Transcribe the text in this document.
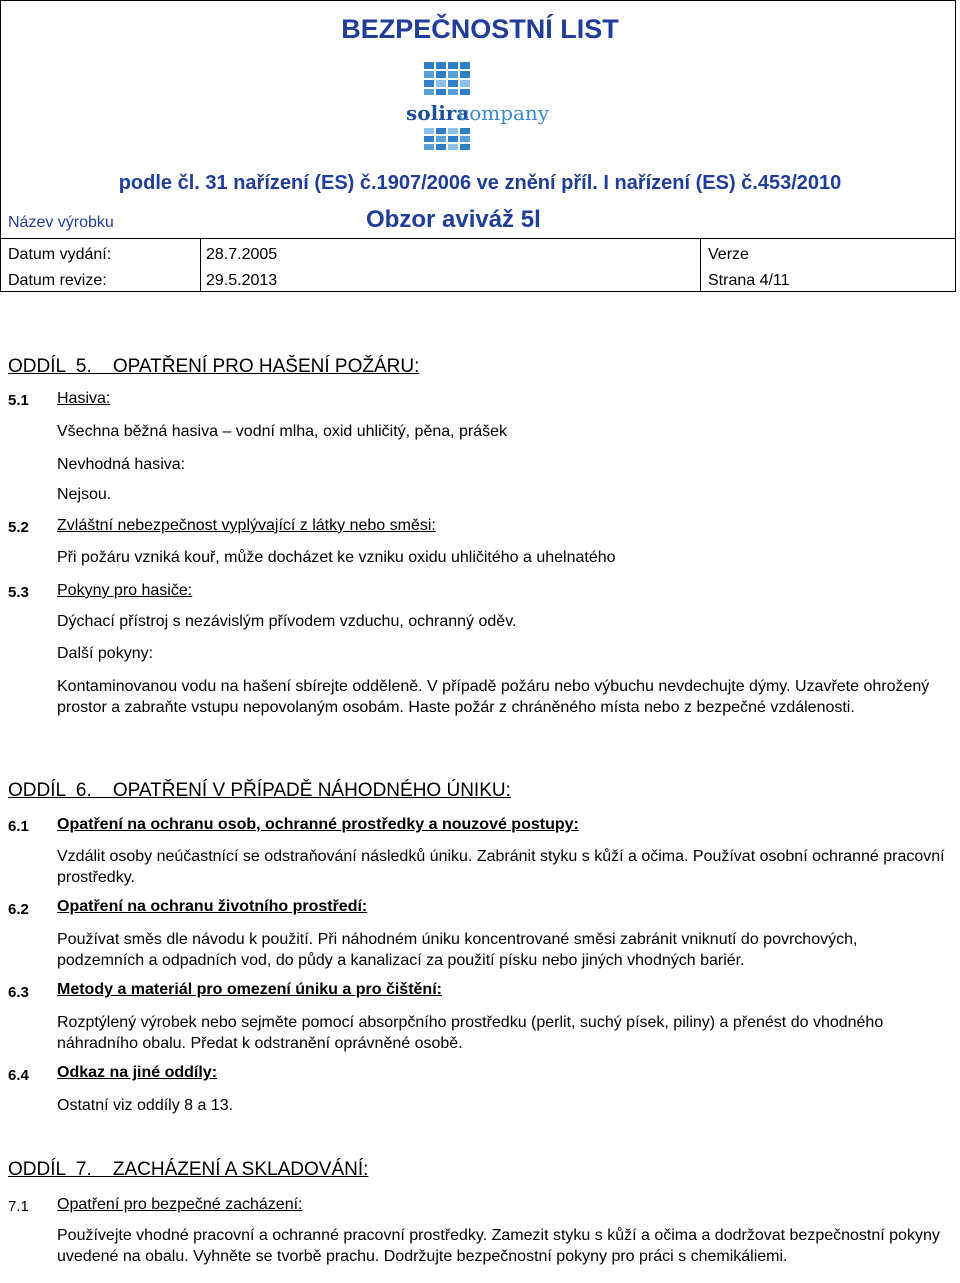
BEZPEČNOSTNÍ LIST
solira
company
podle čl. 31 nařízení (ES) č.1907/2006 ve znění příl. I nařízení (ES) č.453/2010
Název výrobku	Obzor aviváž 5l
Datum vydání:	28.7.2005	Verze
Datum revize:	29.5.2013	Strana 4/11
ODDÍL  5.    OPATŘENÍ PRO HAŠENÍ POŽÁRU:
5.1 Hasiva:
Všechna běžná hasiva – vodní mlha, oxid uhličitý, pěna, prášek
Nevhodná hasiva:
Nejsou.
5.2 Zvláštní nebezpečnost vyplývající z látky nebo směsi:
Při požáru vzniká kouř, může docházet ke vzniku oxidu uhličitého a uhelnatého
5.3 Pokyny pro hasiče:
Dýchací přístroj s nezávislým přívodem vzduchu, ochranný oděv.
Další pokyny:
Kontaminovanou vodu na hašení sbírejte odděleně. V případě požáru nebo výbuchu nevdechujte dýmy. Uzavřete ohrožený prostor a zabraňte vstupu nepovolaným osobám. Haste požár z chráněného místa nebo z bezpečné vzdálenosti.
ODDÍL  6.    OPATŘENÍ V PŘÍPADĚ NÁHODNÉHO ÚNIKU:
6.1 Opatření na ochranu osob, ochranné prostředky a nouzové postupy:
Vzdálit osoby neúčastnící se odstraňování následků úniku. Zabránit styku s kůží a očima. Používat osobní ochranné pracovní prostředky.
6.2 Opatření na ochranu životního prostředí:
Používat směs dle návodu k použití. Při náhodném úniku koncentrované směsi zabránit vniknutí do povrchových, podzemních a odpadních vod, do půdy a kanalizací za použití písku nebo jiných vhodných bariér.
6.3 Metody a materiál pro omezení úniku a pro čištění:
Rozptýlený výrobek nebo sejměte pomocí absorpčního prostředku (perlit, suchý písek, piliny) a přenést do vhodného náhradního obalu. Předat k odstranění oprávněné osobě.
6.4 Odkaz na jiné oddíly:
Ostatní viz oddíly 8 a 13.
ODDÍL  7.    ZACHÁZENÍ A SKLADOVÁNÍ:
7.1 Opatření pro bezpečné zacházení:
Používejte vhodné pracovní a ochranné pracovní prostředky. Zamezit styku s kůží a očima a dodržovat bezpečnostní pokyny uvedené na obalu. Vyhněte se tvorbě prachu. Dodržujte bezpečnostní pokyny pro práci s chemikáliemi.
